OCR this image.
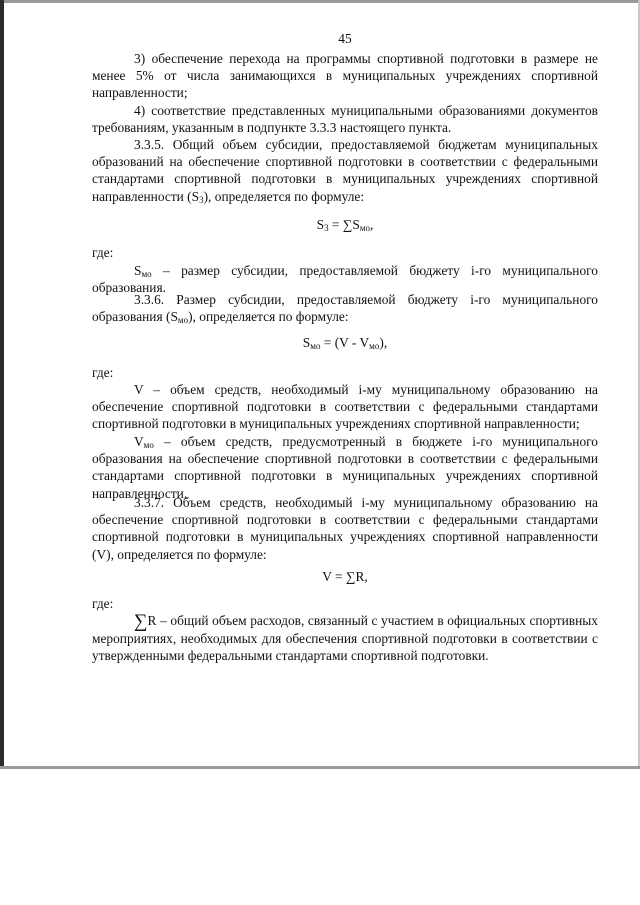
45

3) обеспечение перехода на программы спортивной подготовки в размере не менее 5% от числа занимающихся в муниципальных учреждениях спортивной направленности;

4) соответствие представленных муниципальными образованиями документов требованиям, указанным в подпункте 3.3.3 настоящего пункта.

3.3.5. Общий объем субсидии, предоставляемой бюджетам муниципальных образований на обеспечение спортивной подготовки в соответствии с федеральными стандартами спортивной подготовки в муниципальных учреждениях спортивной направленности $(S_3)$, определяется по формуле:

$S_3 = \sum S_{мо}$,

где:

$S_{мо}$ – размер субсидии, предоставляемой бюджету i-го муниципального образования.

3.3.6. Размер субсидии, предоставляемой бюджету i-го муниципального образования $(S_{мо})$, определяется по формуле:

$S_{мо} = (V - V_{мо})$,

где:

V – объем средств, необходимый i-му муниципальному образованию на обеспечение спортивной подготовки в соответствии с федеральными стандартами спортивной подготовки в муниципальных учреждениях спортивной направленности;

$V_{мо}$ – объем средств, предусмотренный в бюджете i-го муниципального образования на обеспечение спортивной подготовки в соответствии с федеральными стандартами спортивной подготовки в муниципальных учреждениях спортивной направленности.

3.3.7. Объем средств, необходимый i-му муниципальному образованию на обеспечение спортивной подготовки в соответствии с федеральными стандартами спортивной подготовки в муниципальных учреждениях спортивной направленности (V), определяется по формуле:

V = ∑R,

где:

∑R – общий объем расходов, связанный с участием в официальных спортивных мероприятиях, необходимых для обеспечения спортивной подготовки в соответствии с утвержденными федеральными стандартами спортивной подготовки.
